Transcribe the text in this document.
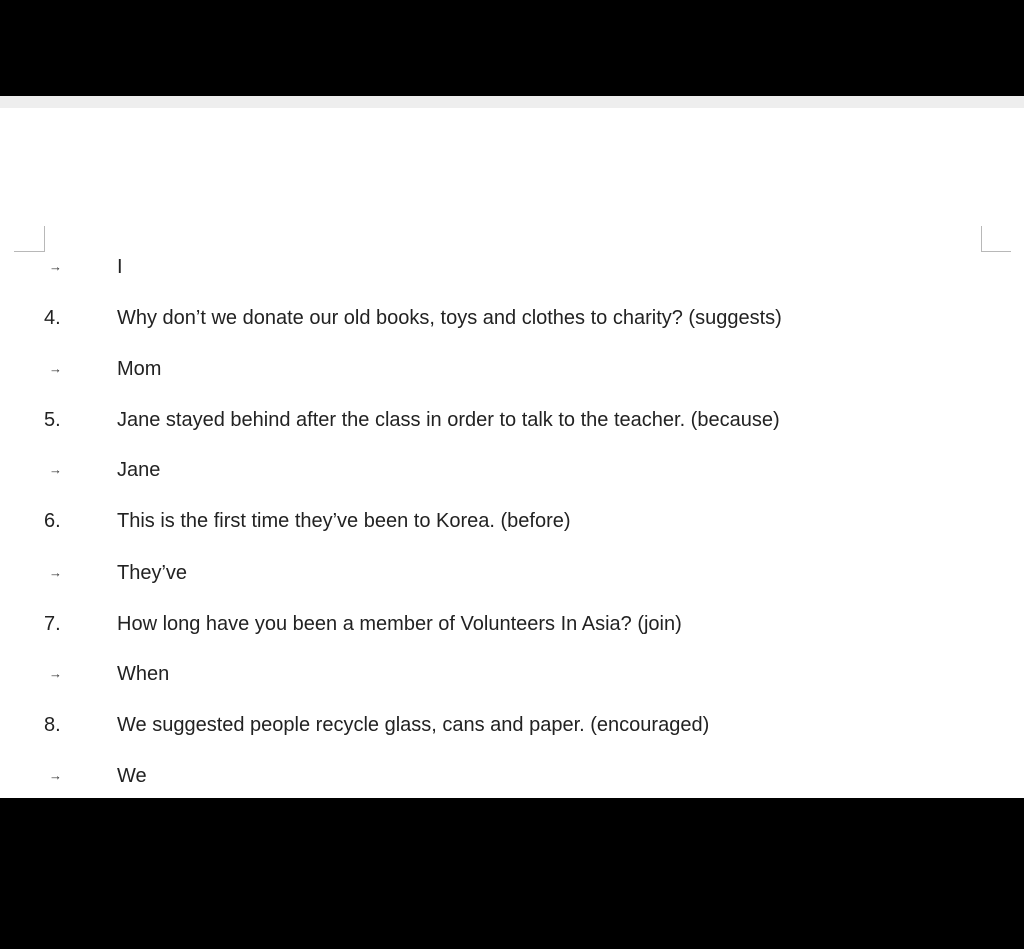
→	I
4.	Why don’t we donate our old books, toys and clothes to charity? (suggests)
→	Mom
5.	Jane stayed behind after the class in order to talk to the teacher. (because)
→	Jane
6.	This is the first time they’ve been to Korea. (before)
→	They’ve
7.	How long have you been a member of Volunteers In Asia? (join)
→	When
8.	We suggested people recycle glass, cans and paper. (encouraged)
→	We
